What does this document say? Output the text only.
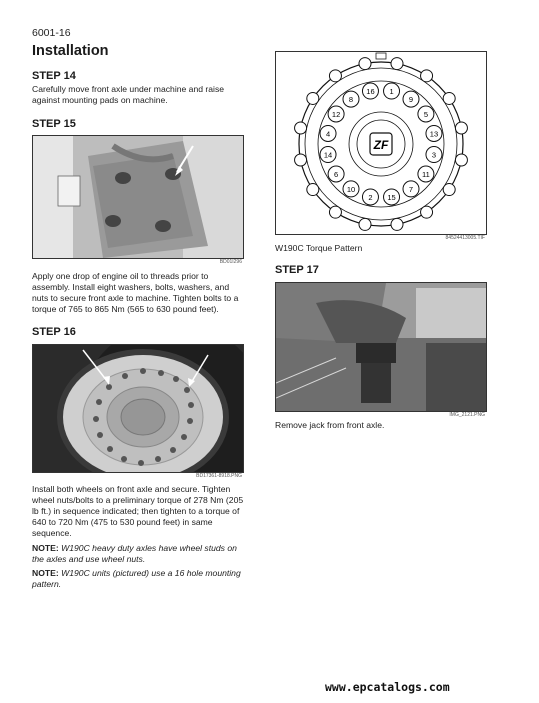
6001-16
Installation
STEP 14
Carefully move front axle under machine and raise against mounting pads on machine.
STEP 15
BD01I296
Apply one drop of engine oil to threads prior to assembly. Install eight washers, bolts, washers, and nuts to secure front axle to machine. Tighten bolts to a torque of 765 to 865 Nm (565 to 630 pound feet).
STEP 16
BD17361-8918.PNG
Install both wheels on front axle and secure. Tighten wheel nuts/bolts to a preliminary torque of 278 Nm (205 lb ft.) in sequence indicated; then tighten to a torque of 640 to 720 Nm (475 to 530 pound feet) in same sequence.
NOTE: W190C heavy duty axles have wheel studs on the axles and use wheel nuts.
NOTE: W190C units (pictured) use a 16 hole mounting pattern.
1
9
5
13
3
11
7
15
2
10
6
14
4
12
8
16
ZF
84524413005.TIF
W190C Torque Pattern
STEP 17
IMG_2121.PNG
Remove jack from front axle.
www.epcatalogs.com
